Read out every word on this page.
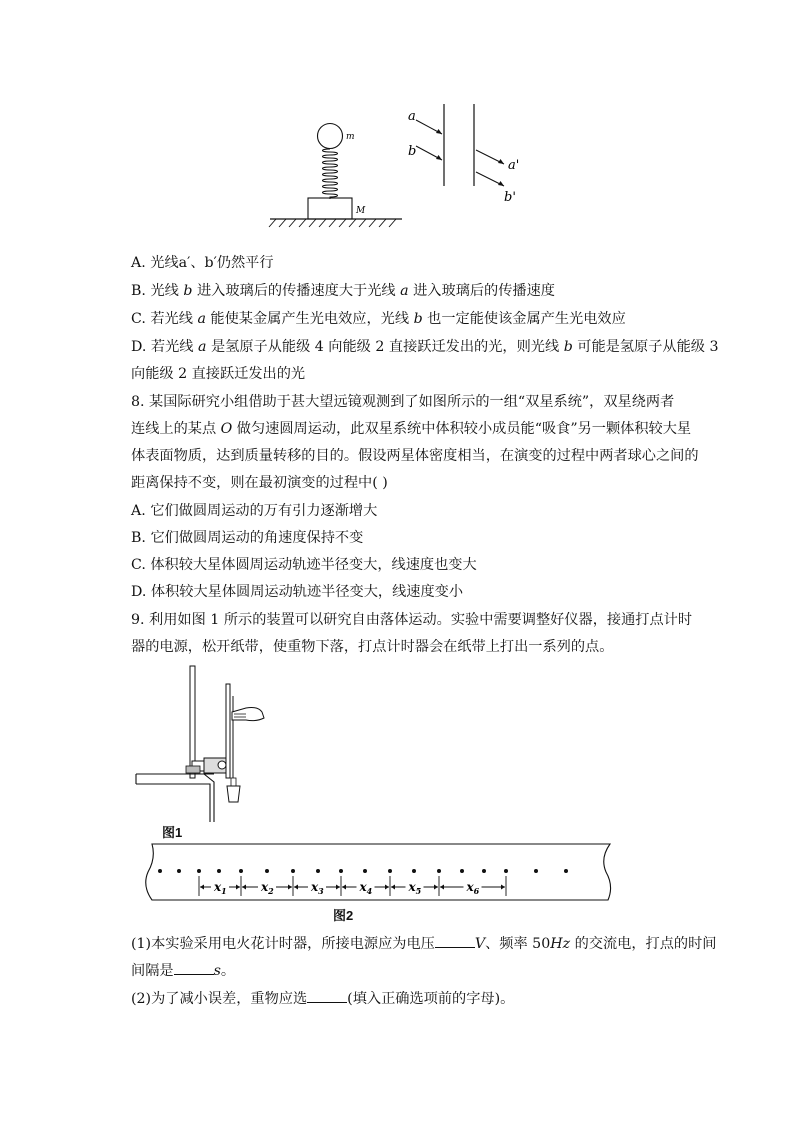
m
M
a
b
a'
b'
A. 光线a′、b′仍然平行
B. 光线 b 进入玻璃后的传播速度大于光线 a 进入玻璃后的传播速度
C. 若光线 a 能使某金属产生光电效应，光线 b 也一定能使该金属产生光电效应
D. 若光线 a 是氢原子从能级 4 向能级 2 直接跃迁发出的光，则光线 b 可能是氢原子从能级 3
向能级 2 直接跃迁发出的光
8. 某国际研究小组借助于甚大望远镜观测到了如图所示的一组“双星系统”，双星绕两者
连线上的某点 O 做匀速圆周运动，此双星系统中体积较小成员能“吸食”另一颗体积较大星
体表面物质，达到质量转移的目的。假设两星体密度相当，在演变的过程中两者球心之间的
距离保持不变，则在最初演变的过程中( )
A. 它们做圆周运动的万有引力逐渐增大
B. 它们做圆周运动的角速度保持不变
C. 体积较大星体圆周运动轨迹半径变大，线速度也变大
D. 体积较大星体圆周运动轨迹半径变大，线速度变小
9. 利用如图 1 所示的装置可以研究自由落体运动。实验中需要调整好仪器，接通打点计时
器的电源，松开纸带，使重物下落，打点计时器会在纸带上打出一系列的点。
图1
$x_1$	$x_2$	$x_3$	$x_4$	$x_5$	$x_6$
图2
(1)本实验采用电火花计时器，所接电源应为电压	V、频率 50Hz 的交流电，打点的时间
间隔是	s。
(2)为了减小误差，重物应选	(填入正确选项前的字母)。
